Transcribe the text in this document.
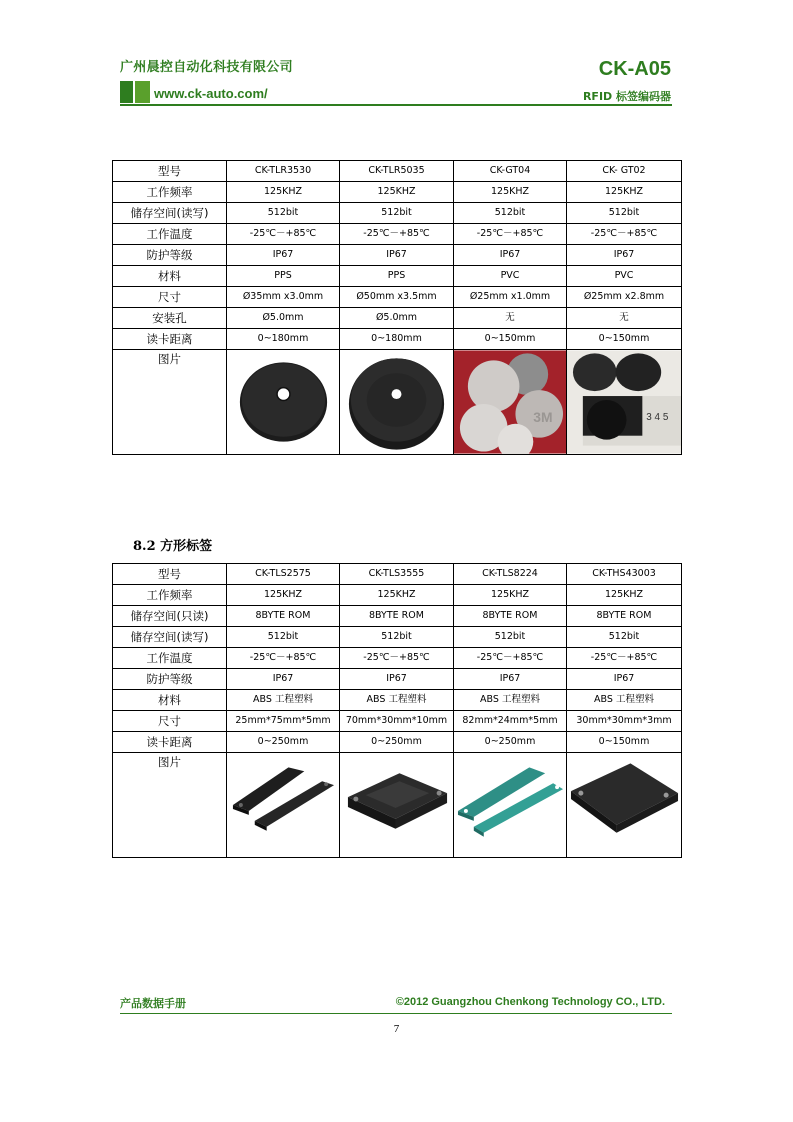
广州晨控自动化科技有限公司	CK-A05
www.ck-auto.com/	RFID 标签编码器
型号	CK-TLR3530	CK-TLR5035	CK-GT04	CK- GT02
工作频率	125KHZ	125KHZ	125KHZ	125KHZ
储存空间(读写)	512bit	512bit	512bit	512bit
工作温度	-25℃－+85℃	-25℃－+85℃	-25℃－+85℃	-25℃－+85℃
防护等级	IP67	IP67	IP67	IP67
材料	PPS	PPS	PVC	PVC
尺寸	Ø35mm x3.0mm	Ø50mm x3.5mm	Ø25mm x1.0mm	Ø25mm x2.8mm
安装孔	Ø5.0mm	Ø5.0mm	无	无
读卡距离	0~180mm	0~180mm	0~150mm	0~150mm
图片			3M	3 4 5
8.2 方形标签
型号	CK-TLS2575	CK-TLS3555	CK-TLS8224	CK-THS43003
工作频率	125KHZ	125KHZ	125KHZ	125KHZ
储存空间(只读)	8BYTE ROM	8BYTE ROM	8BYTE ROM	8BYTE ROM
储存空间(读写)	512bit	512bit	512bit	512bit
工作温度	-25℃－+85℃	-25℃－+85℃	-25℃－+85℃	-25℃－+85℃
防护等级	IP67	IP67	IP67	IP67
材料	ABS 工程塑料	ABS 工程塑料	ABS 工程塑料	ABS 工程塑料
尺寸	25mm*75mm*5mm	70mm*30mm*10mm	82mm*24mm*5mm	30mm*30mm*3mm
读卡距离	0~250mm	0~250mm	0~250mm	0~150mm
图片	

产品数据手册	©2012 Guangzhou Chenkong Technology CO., LTD.
7
